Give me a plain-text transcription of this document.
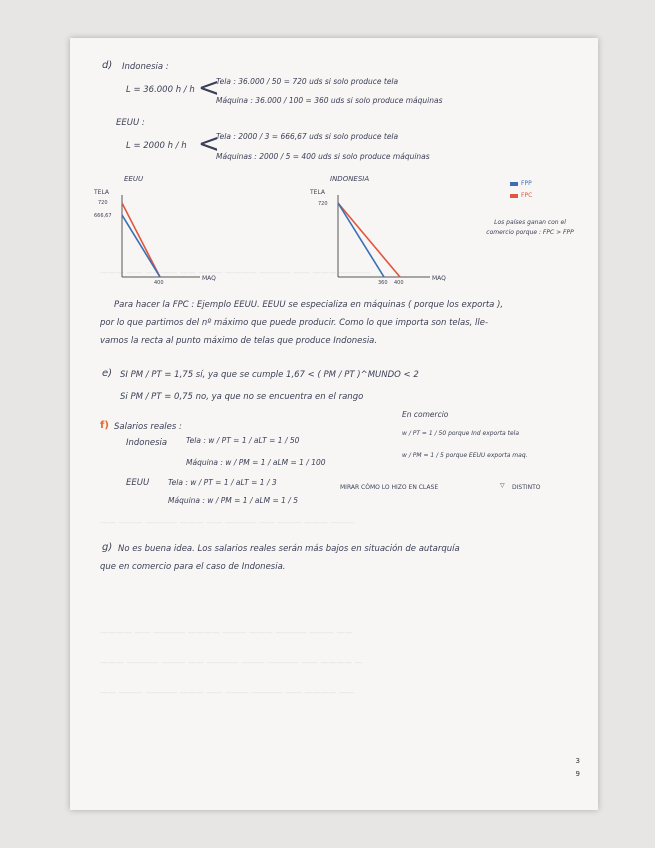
——— —— ———— —— ——— ———— ———— —— ——— ————
—— ——— ———— ——— —— ———— —— ——— ——— ———
———— —— ———— ———— ——— ——— ———— ——— ——
——— ———— ——— —— ———— ——— ———— —— ———— —
—— ——— ———— ——— —— ——— ———— —— ———— ——
d) Indonesia :
L = 36.000 h / h <
Tela : 36.000 / 50 = 720 uds si solo produce tela
Máquina : 36.000 / 100 = 360 uds si solo produce máquinas
EEUU :
L = 2000 h / h <
Tela : 2000 / 3 = 666,67 uds si solo produce tela
Máquinas : 2000 / 5 = 400 uds si solo produce máquinas
EEUU
TELA
720
666,67
400
MAQ
INDONESIA
TELA
720
360 400
MAQ
FPP
FPC
Los países ganan con el comercio porque : FPC > FPP
Para hacer la FPC : Ejemplo EEUU. EEUU se especializa en máquinas ( porque los exporta ),
por lo que partimos del nº máximo que puede producir. Como lo que importa son telas, lle-
vamos la recta al punto máximo de telas que produce Indonesia.
e) SI PM / PT = 1,75 sí, ya que se cumple 1,67 < ( PM / PT )^MUNDO < 2
Si PM / PT = 0,75 no, ya que no se encuentra en el rango
f) Salarios reales :
Indonesia	Tela : w / PT = 1 / aLT = 1 / 50
Máquina : w / PM = 1 / aLM = 1 / 100
EEUU	Tela : w / PT = 1 / aLT = 1 / 3
Máquina : w / PM = 1 / aLM = 1 / 5
En comercio
w / PT = 1 / 50 porque Ind exporta tela
w / PM = 1 / 5 porque EEUU exporta maq.
MIRAR CÓMO LO HIZO EN CLASE	▽ DISTINTO
g) No es buena idea. Los salarios reales serán más bajos en situación de autarquía
que en comercio para el caso de Indonesia.
3
9
